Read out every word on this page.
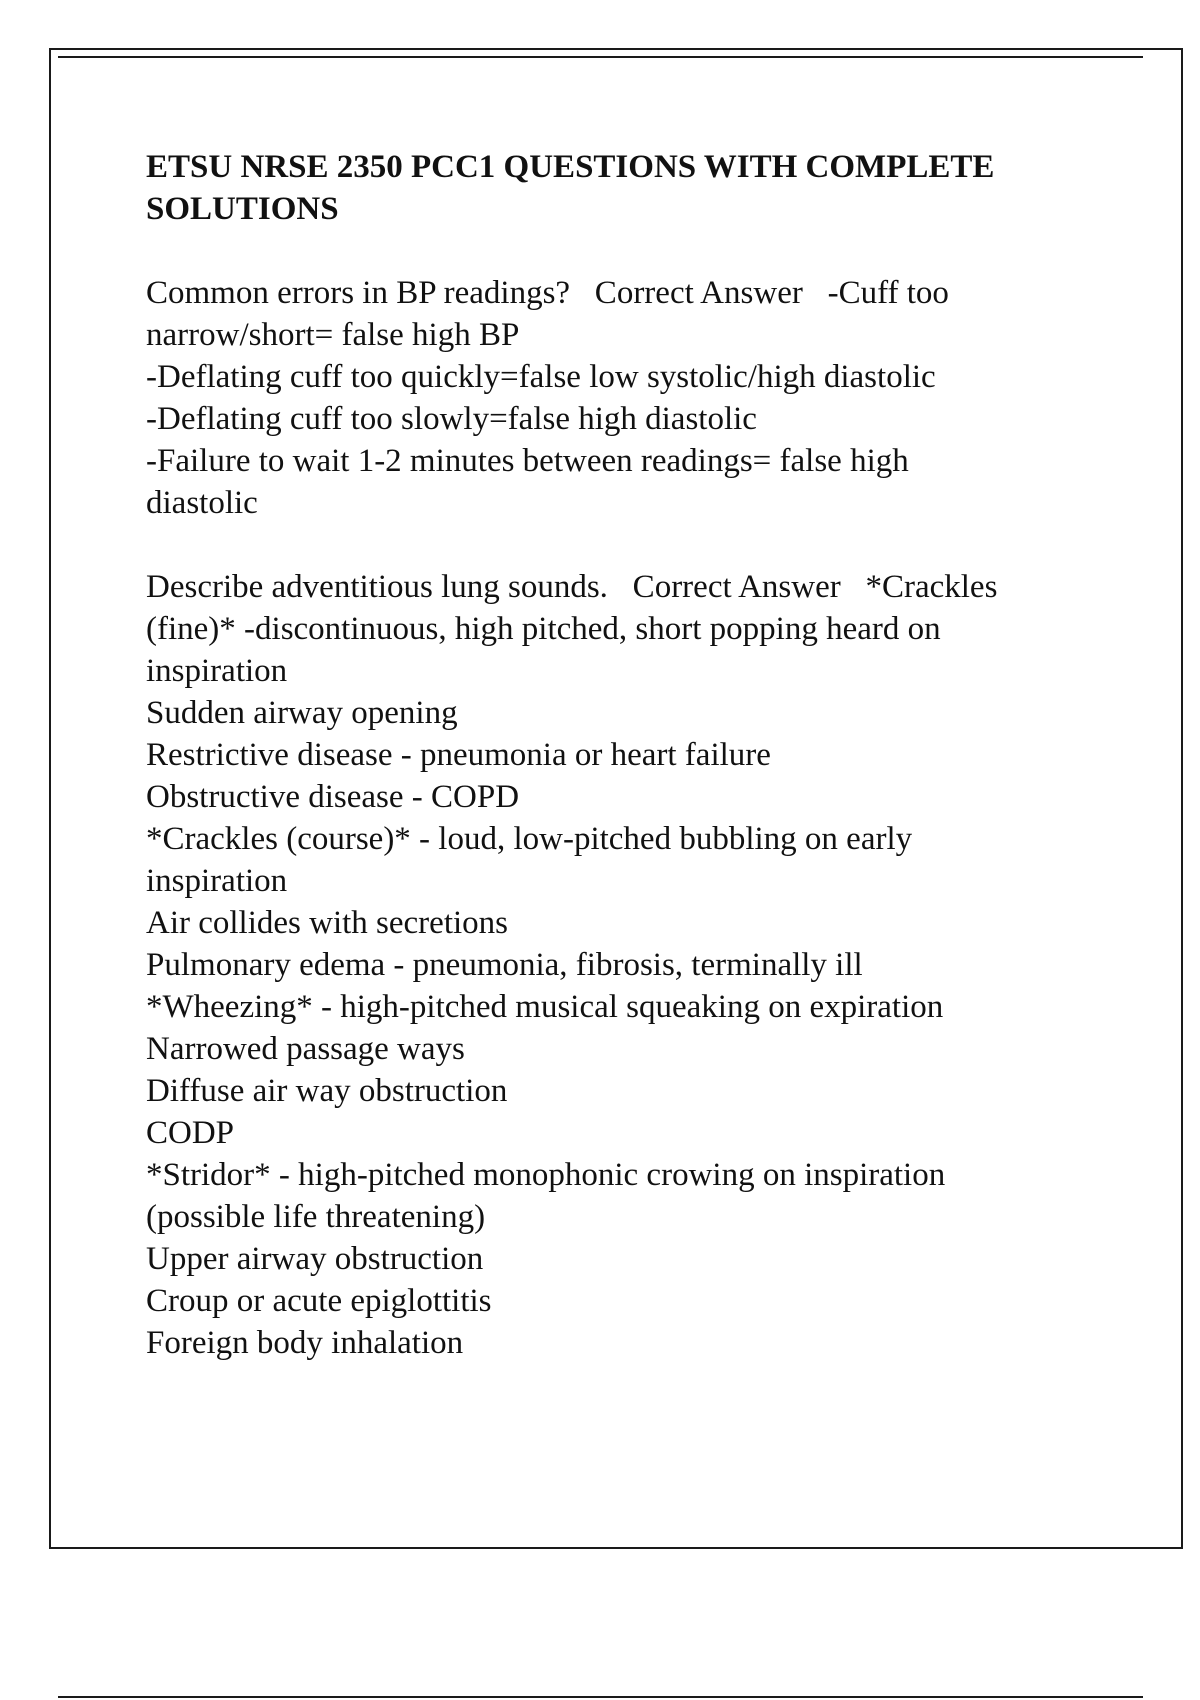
ETSU NRSE 2350 PCC1 QUESTIONS WITH COMPLETE
SOLUTIONS
Common errors in BP readings?   Correct Answer   -Cuff too
narrow/short= false high BP
-Deflating cuff too quickly=false low systolic/high diastolic
-Deflating cuff too slowly=false high diastolic
-Failure to wait 1-2 minutes between readings= false high
diastolic
Describe adventitious lung sounds.   Correct Answer   *Crackles
(fine)* -discontinuous, high pitched, short popping heard on
inspiration
Sudden airway opening
Restrictive disease - pneumonia or heart failure
Obstructive disease - COPD
*Crackles (course)* - loud, low-pitched bubbling on early
inspiration
Air collides with secretions
Pulmonary edema - pneumonia, fibrosis, terminally ill
*Wheezing* - high-pitched musical squeaking on expiration
Narrowed passage ways
Diffuse air way obstruction
CODP
*Stridor* - high-pitched monophonic crowing on inspiration
(possible life threatening)
Upper airway obstruction
Croup or acute epiglottitis
Foreign body inhalation
